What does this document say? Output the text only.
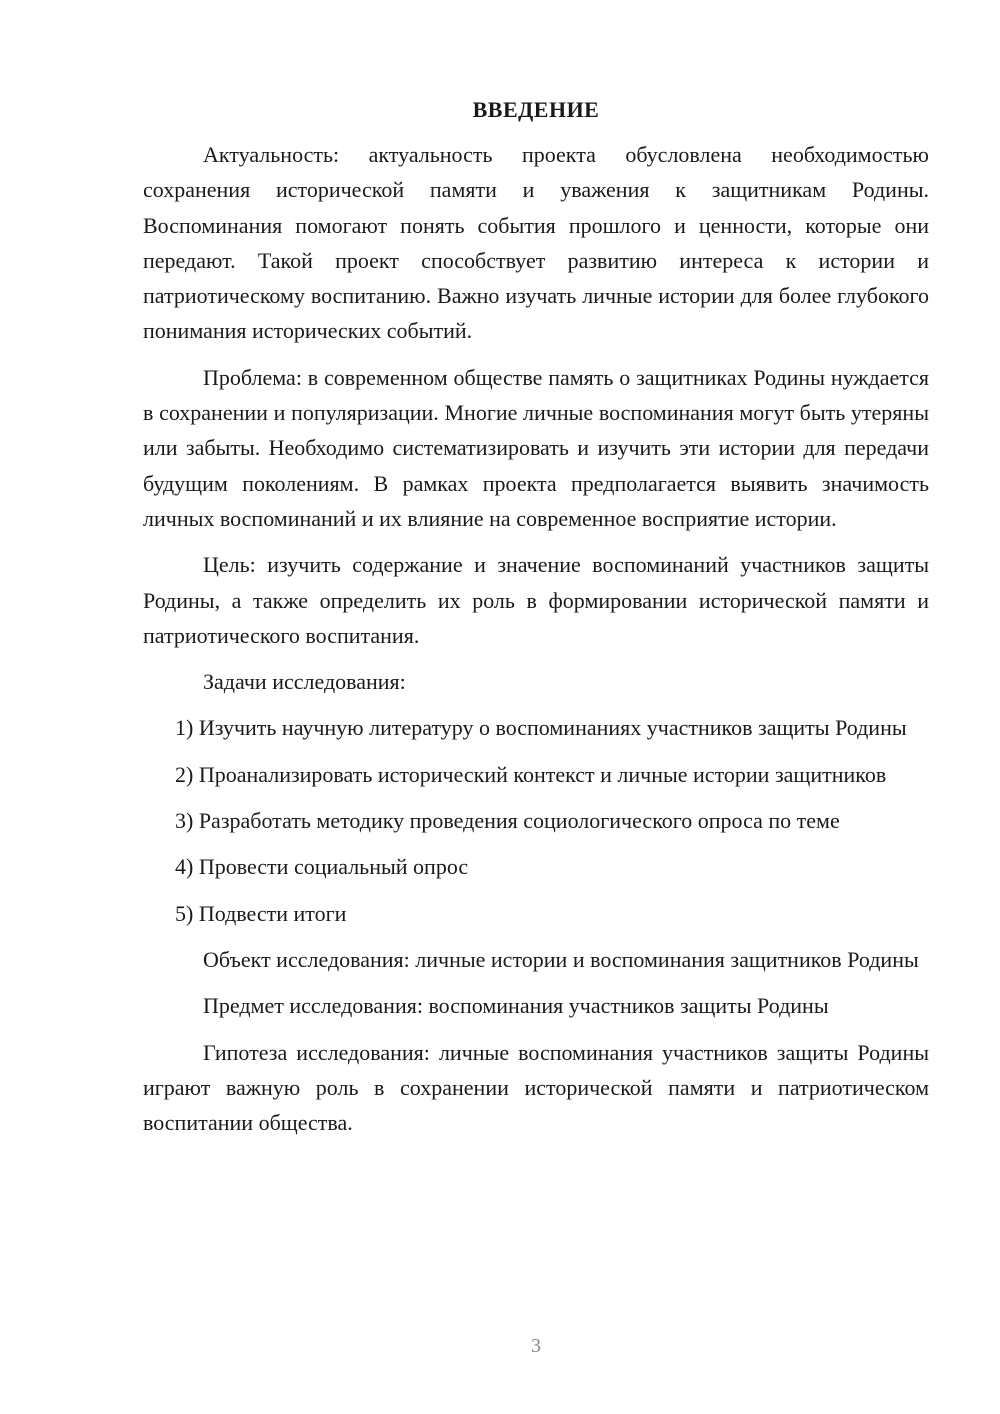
ВВЕДЕНИЕ

Актуальность: актуальность проекта обусловлена необходимостью сохранения исторической памяти и уважения к защитникам Родины. Воспоминания помогают понять события прошлого и ценности, которые они передают. Такой проект способствует развитию интереса к истории и патриотическому воспитанию. Важно изучать личные истории для более глубокого понимания исторических событий.

Проблема: в современном обществе память о защитниках Родины нуждается в сохранении и популяризации. Многие личные воспоминания могут быть утеряны или забыты. Необходимо систематизировать и изучить эти истории для передачи будущим поколениям. В рамках проекта предполагается выявить значимость личных воспоминаний и их влияние на современное восприятие истории.

Цель: изучить содержание и значение воспоминаний участников защиты Родины, а также определить их роль в формировании исторической памяти и патриотического воспитания.

Задачи исследования:

1) Изучить научную литературу о воспоминаниях участников защиты Родины

2) Проанализировать исторический контекст и личные истории защитников

3) Разработать методику проведения социологического опроса по теме

4) Провести социальный опрос

5) Подвести итоги

Объект исследования: личные истории и воспоминания защитников Родины

Предмет исследования: воспоминания участников защиты Родины

Гипотеза исследования: личные воспоминания участников защиты Родины играют важную роль в сохранении исторической памяти и патриотическом воспитании общества.

3
